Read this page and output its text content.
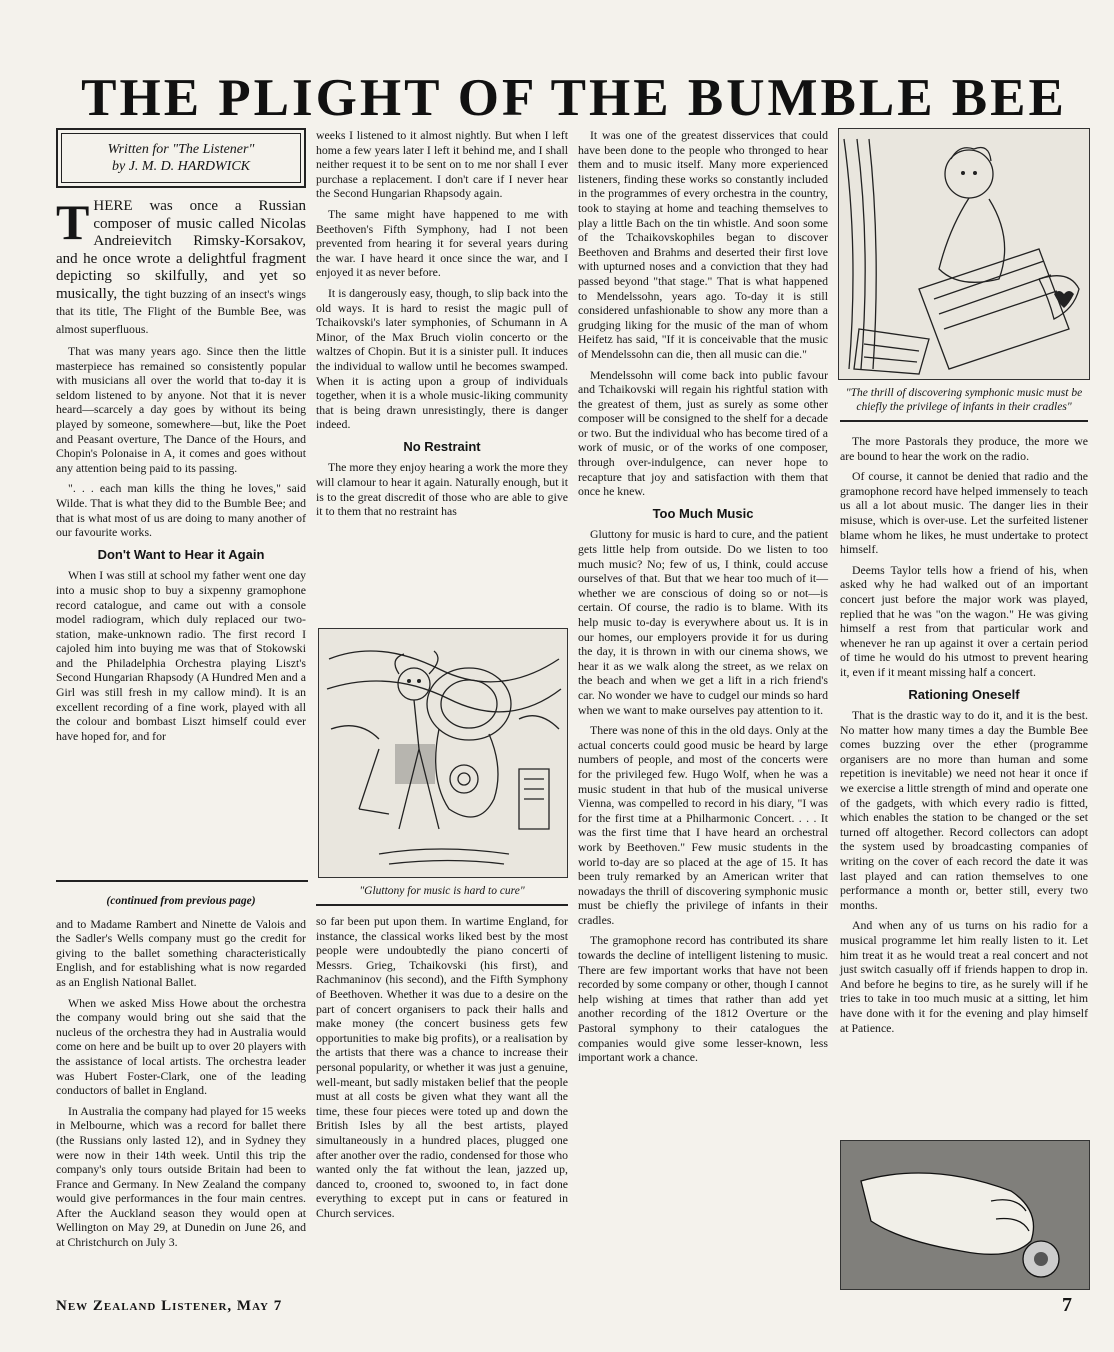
THE PLIGHT OF THE BUMBLE BEE
Written for "The Listener"
by J. M. D. HARDWICK

THERE was once a Russian composer of music called Nicolas Andreievitch Rimsky-Korsakov, and he once wrote a delightful fragment depicting so skilfully, and yet so musically, the tight buzzing of an insect's wings that its title, The Flight of the Bumble Bee, was almost superfluous.

That was many years ago. Since then the little masterpiece has remained so consistently popular with musicians all over the world that to-day it is seldom listened to by anyone. Not that it is never heard—scarcely a day goes by without its being played by someone, somewhere—but, like the Poet and Peasant overture, The Dance of the Hours, and Chopin's Polonaise in A, it comes and goes without any attention being paid to its passing.

". . . each man kills the thing he loves," said Wilde. That is what they did to the Bumble Bee; and that is what most of us are doing to many another of our favourite works.

Don't Want to Hear it Again

When I was still at school my father went one day into a music shop to buy a sixpenny gramophone record catalogue, and came out with a console model radiogram, which duly replaced our two-station, make-unknown radio. The first record I cajoled him into buying me was that of Stokowski and the Philadelphia Orchestra playing Liszt's Second Hungarian Rhapsody (A Hundred Men and a Girl was still fresh in my callow mind). It is an excellent recording of a fine work, played with all the colour and bombast Liszt himself could ever have hoped for, and for

weeks I listened to it almost nightly. But when I left home a few years later I left it behind me, and I shall neither request it to be sent on to me nor shall I ever purchase a replacement. I don't care if I never hear the Second Hungarian Rhapsody again.

The same might have happened to me with Beethoven's Fifth Symphony, had I not been prevented from hearing it for several years during the war. I have heard it once since the war, and I enjoyed it as never before.

It is dangerously easy, though, to slip back into the old ways. It is hard to resist the magic pull of Tchaikovski's later symphonies, of Schumann in A Minor, of the Max Bruch violin concerto or the waltzes of Chopin. But it is a sinister pull. It induces the individual to wallow until he becomes swamped. When it is acting upon a group of individuals together, when it is a whole music-liking community that is being drawn unresistingly, there is danger indeed.

No Restraint

The more they enjoy hearing a work the more they will clamour to hear it again. Naturally enough, but it is to the great discredit of those who are able to give it to them that no restraint has

"Gluttony for music is hard to cure"

It was one of the greatest disservices that could have been done to the people who thronged to hear them and to music itself. Many more experienced listeners, finding these works so constantly included in the programmes of every orchestra in the country, took to staying at home and teaching themselves to play a little Bach on the tin whistle. And soon some of the Tchaikovskophiles began to discover Beethoven and Brahms and deserted their first love with upturned noses and a conviction that they had passed beyond "that stage." That is what happened to Mendelssohn, years ago. To-day it is still considered unfashionable to show any more than a grudging liking for the music of the man of whom Heifetz has said, "If it is conceivable that the music of Mendelssohn can die, then all music can die."

Mendelssohn will come back into public favour and Tchaikovski will regain his rightful station with the greatest of them, just as surely as some other composer will be consigned to the shelf for a decade or two. But the individual who has become tired of a work of music, or of the works of one composer, through over-indulgence, can never hope to recapture that joy and satisfaction with them that once he knew.

Too Much Music

Gluttony for music is hard to cure, and the patient gets little help from outside. Do we listen to too much music? No; few of us, I think, could accuse ourselves of that. But that we hear too much of it—whether we are conscious of doing so or not—is certain. Of course, the radio is to blame. With its help music to-day is everywhere about us. It is in our homes, our employers provide it for us during the day, it is thrown in with our cinema shows, we hear it as we walk along the street, as we relax on the beach and when we get a lift in a rich friend's car. No wonder we have to cudgel our minds so hard when we want to make ourselves pay attention to it.

There was none of this in the old days. Only at the actual concerts could good music be heard by large numbers of people, and most of the concerts were for the privileged few. Hugo Wolf, when he was a music student in that hub of the musical universe Vienna, was compelled to record in his diary, "I was for the first time at a Philharmonic Concert. . . . It was the first time that I have heard an orchestral work by Beethoven." Few music students in the world to-day are so placed at the age of 15. It has been truly remarked by an American writer that nowadays the thrill of discovering symphonic music must be chiefly the privilege of infants in their cradles.

The gramophone record has contributed its share towards the decline of intelligent listening to music. There are few important works that have not been recorded by some company or other, though I cannot help wishing at times that rather than add yet another recording of the 1812 Overture or the Pastoral symphony to their catalogues the companies would give some lesser-known, less important work a chance.

"The thrill of discovering symphonic music must be chiefly the privilege of infants in their cradles"

The more Pastorals they produce, the more we are bound to hear the work on the radio.

Of course, it cannot be denied that radio and the gramophone record have helped immensely to teach us all a lot about music. The danger lies in their misuse, which is over-use. Let the surfeited listener blame whom he likes, he must undertake to protect himself.

Deems Taylor tells how a friend of his, when asked why he had walked out of an important concert just before the major work was played, replied that he was "on the wagon." He was giving himself a rest from that particular work and whenever he ran up against it over a certain period of time he would do his utmost to prevent hearing it, even if it meant missing half a concert.

Rationing Oneself

That is the drastic way to do it, and it is the best. No matter how many times a day the Bumble Bee comes buzzing over the ether (programme organisers are no more than human and some repetition is inevitable) we need not hear it once if we exercise a little strength of mind and operate one of the gadgets, with which every radio is fitted, which enables the station to be changed or the set turned off altogether. Record collectors can adopt the system used by broadcasting companies of writing on the cover of each record the date it was last played and can ration themselves to one performance a month or, better still, every two months.

And when any of us turns on his radio for a musical programme let him really listen to it. Let him treat it as he would treat a real concert and not just switch casually off if friends happen to drop in. And before he begins to tire, as he surely will if he tries to take in too much music at a sitting, let him have done with it for the evening and play himself at Patience.

(continued from previous page)

and to Madame Rambert and Ninette de Valois and the Sadler's Wells company must go the credit for giving to the ballet something characteristically English, and for establishing what is now regarded as an English National Ballet.

When we asked Miss Howe about the orchestra the company would bring out she said that the nucleus of the orchestra they had in Australia would come on here and be built up to over 20 players with the assistance of local artists. The orchestra leader was Hubert Foster-Clark, one of the leading conductors of ballet in England.

In Australia the company had played for 15 weeks in Melbourne, which was a record for ballet there (the Russians only lasted 12), and in Sydney they were now in their 14th week. Until this trip the company's only tours outside Britain had been to France and Germany. In New Zealand the company would give performances in the four main centres. After the Auckland season they would open at Wellington on May 29, at Dunedin on June 26, and at Christchurch on July 3.

so far been put upon them. In wartime England, for instance, the classical works liked best by the most people were undoubtedly the piano concerti of Messrs. Grieg, Tchaikovski (his first), and Rachmaninov (his second), and the Fifth Symphony of Beethoven. Whether it was due to a desire on the part of concert organisers to pack their halls and make money (the concert business gets few opportunities to make big profits), or a realisation by the artists that there was a chance to increase their personal popularity, or whether it was just a genuine, well-meant, but sadly mistaken belief that the people must at all costs be given what they want all the time, these four pieces were toted up and down the British Isles by all the best artists, played simultaneously in a hundred places, plugged one after another over the radio, condensed for those who wanted only the fat without the lean, jazzed up, danced to, crooned to, swooned to, in fact done everything to except put in cans or featured in Church services.

New Zealand Listener, May 7	7
